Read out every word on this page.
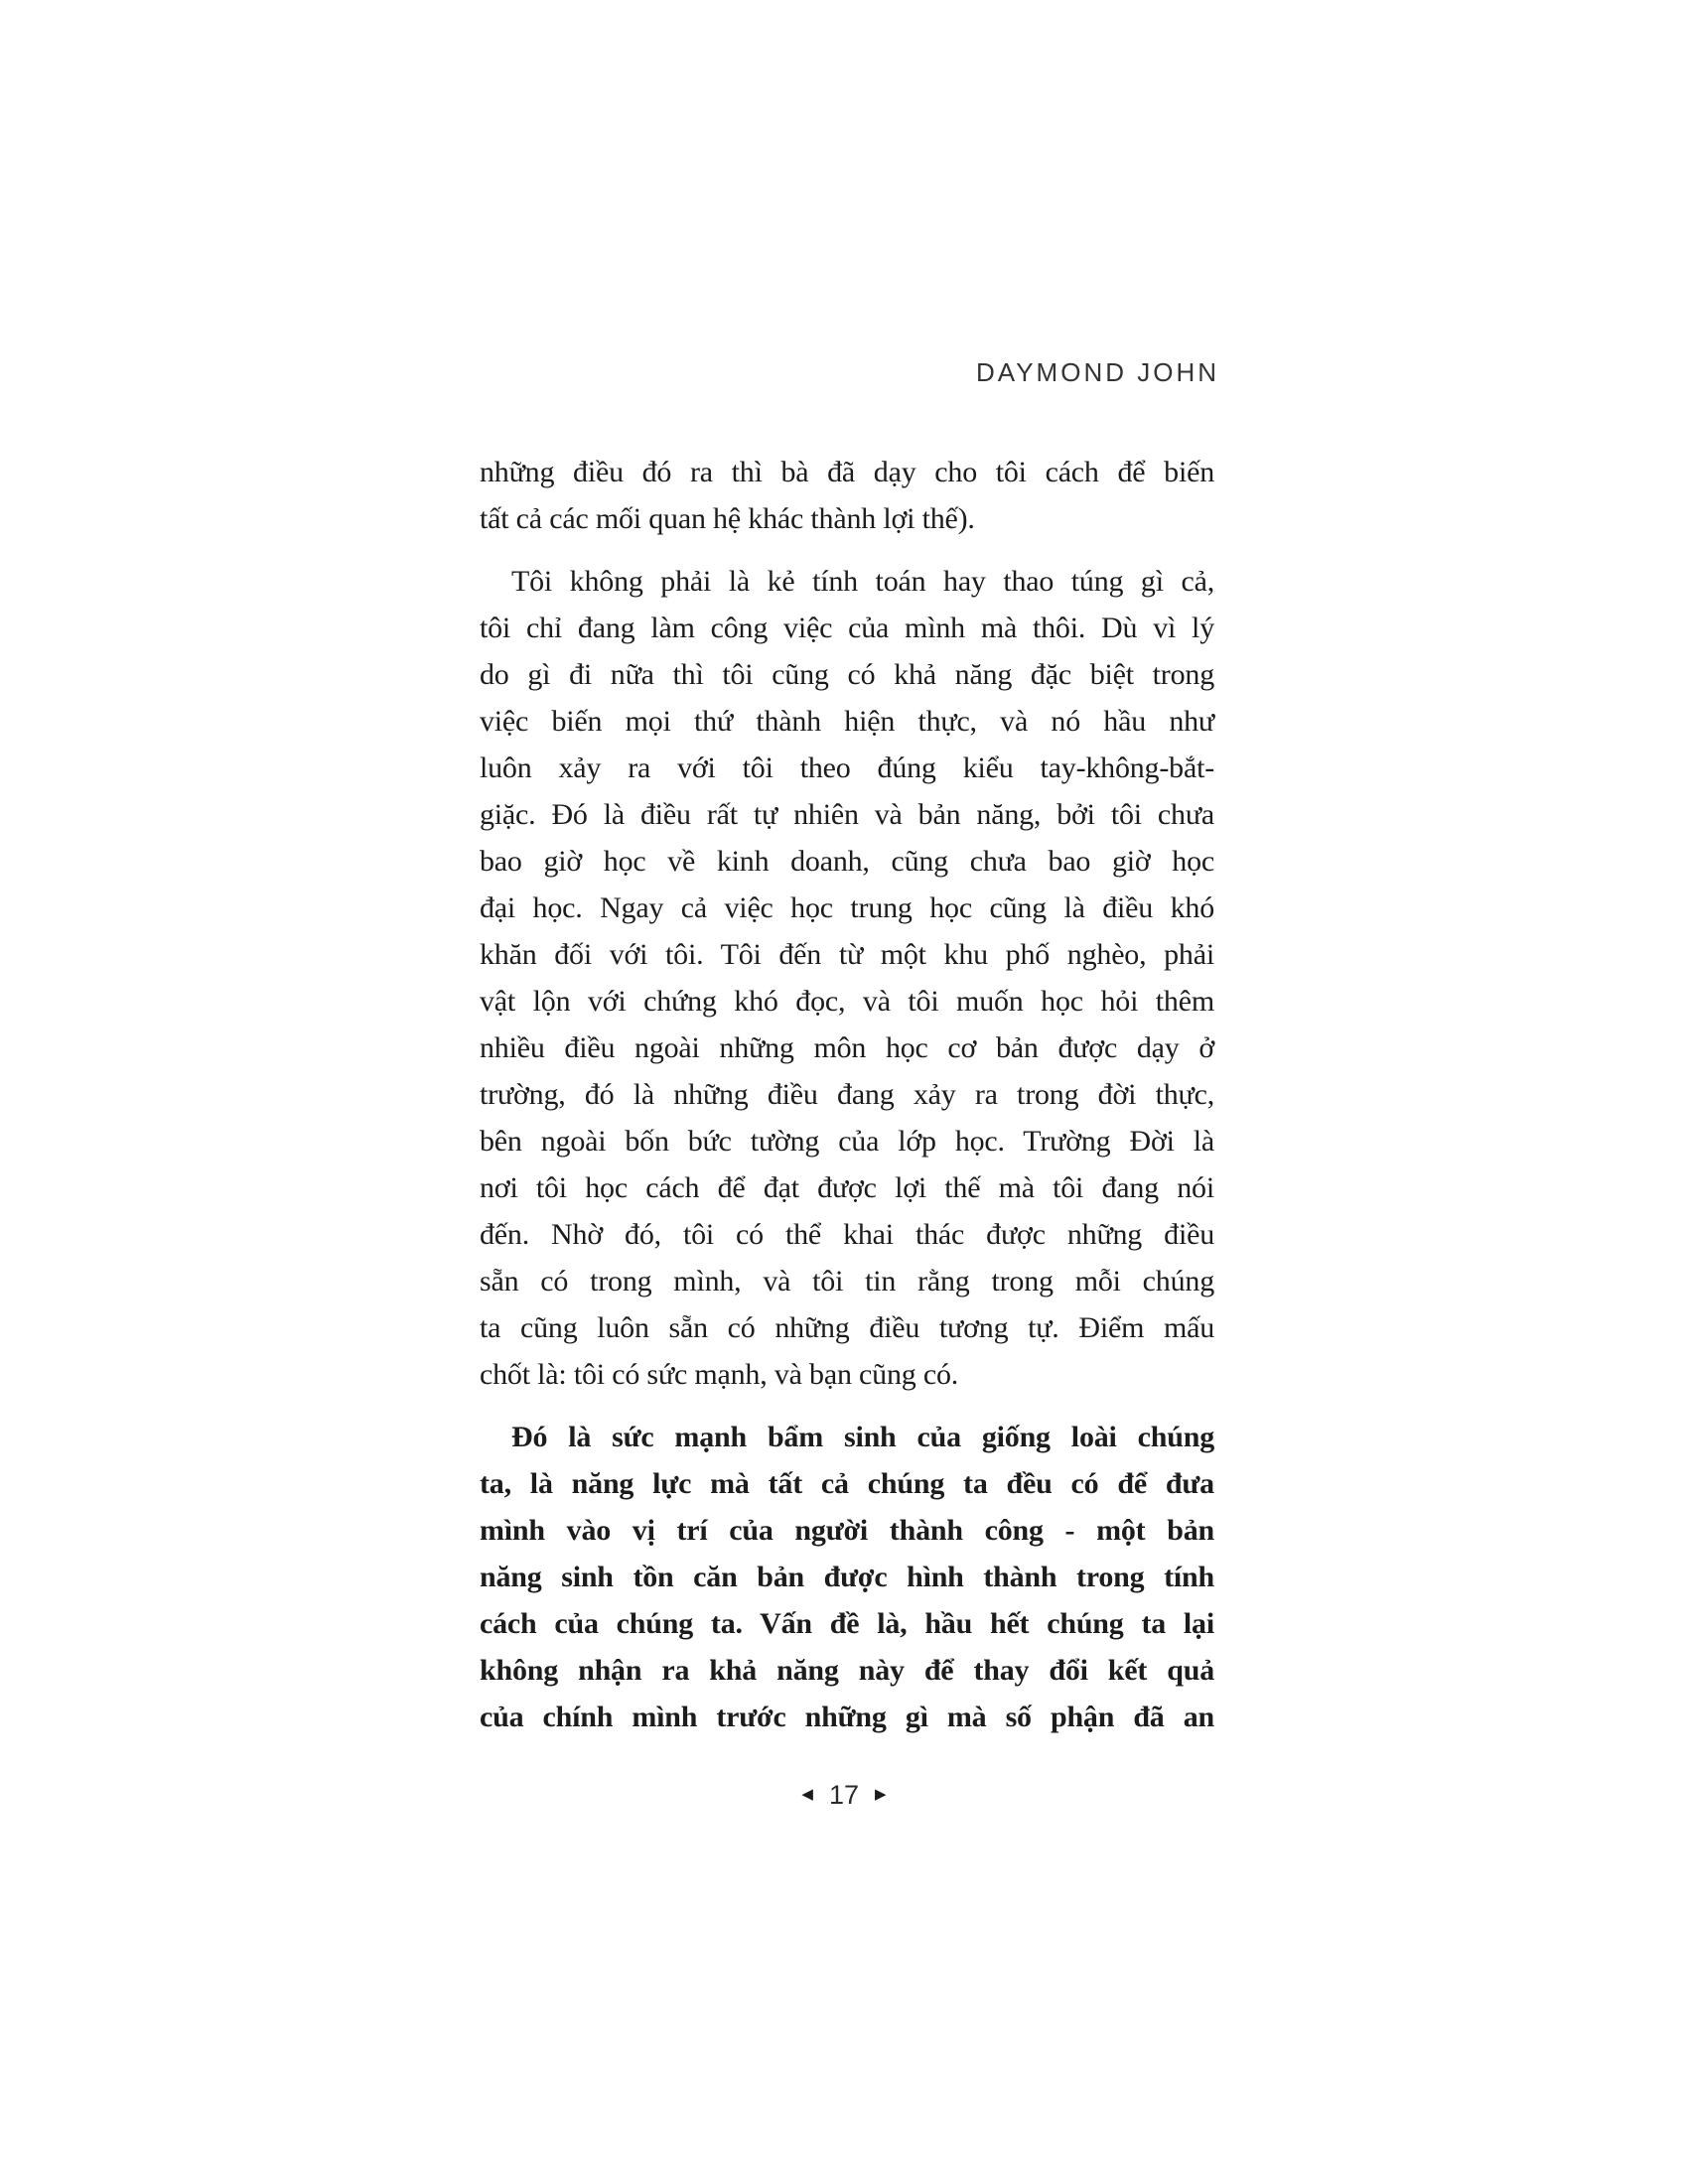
DAYMOND JOHN
những điều đó ra thì bà đã dạy cho tôi cách để biến
tất cả các mối quan hệ khác thành lợi thế).
Tôi không phải là kẻ tính toán hay thao túng gì cả,
tôi chỉ đang làm công việc của mình mà thôi. Dù vì lý
do gì đi nữa thì tôi cũng có khả năng đặc biệt trong
việc biến mọi thứ thành hiện thực, và nó hầu như
luôn xảy ra với tôi theo đúng kiểu tay-không-bắt-
giặc. Đó là điều rất tự nhiên và bản năng, bởi tôi chưa
bao giờ học về kinh doanh, cũng chưa bao giờ học
đại học. Ngay cả việc học trung học cũng là điều khó
khăn đối với tôi. Tôi đến từ một khu phố nghèo, phải
vật lộn với chứng khó đọc, và tôi muốn học hỏi thêm
nhiều điều ngoài những môn học cơ bản được dạy ở
trường, đó là những điều đang xảy ra trong đời thực,
bên ngoài bốn bức tường của lớp học. Trường Đời là
nơi tôi học cách để đạt được lợi thế mà tôi đang nói
đến. Nhờ đó, tôi có thể khai thác được những điều
sẵn có trong mình, và tôi tin rằng trong mỗi chúng
ta cũng luôn sẵn có những điều tương tự. Điểm mấu
chốt là: tôi có sức mạnh, và bạn cũng có.
Đó là sức mạnh bẩm sinh của giống loài chúng
ta, là năng lực mà tất cả chúng ta đều có để đưa
mình vào vị trí của người thành công - một bản
năng sinh tồn căn bản được hình thành trong tính
cách của chúng ta. Vấn đề là, hầu hết chúng ta lại
không nhận ra khả năng này để thay đổi kết quả
của chính mình trước những gì mà số phận đã an
◀ 17 ▶
